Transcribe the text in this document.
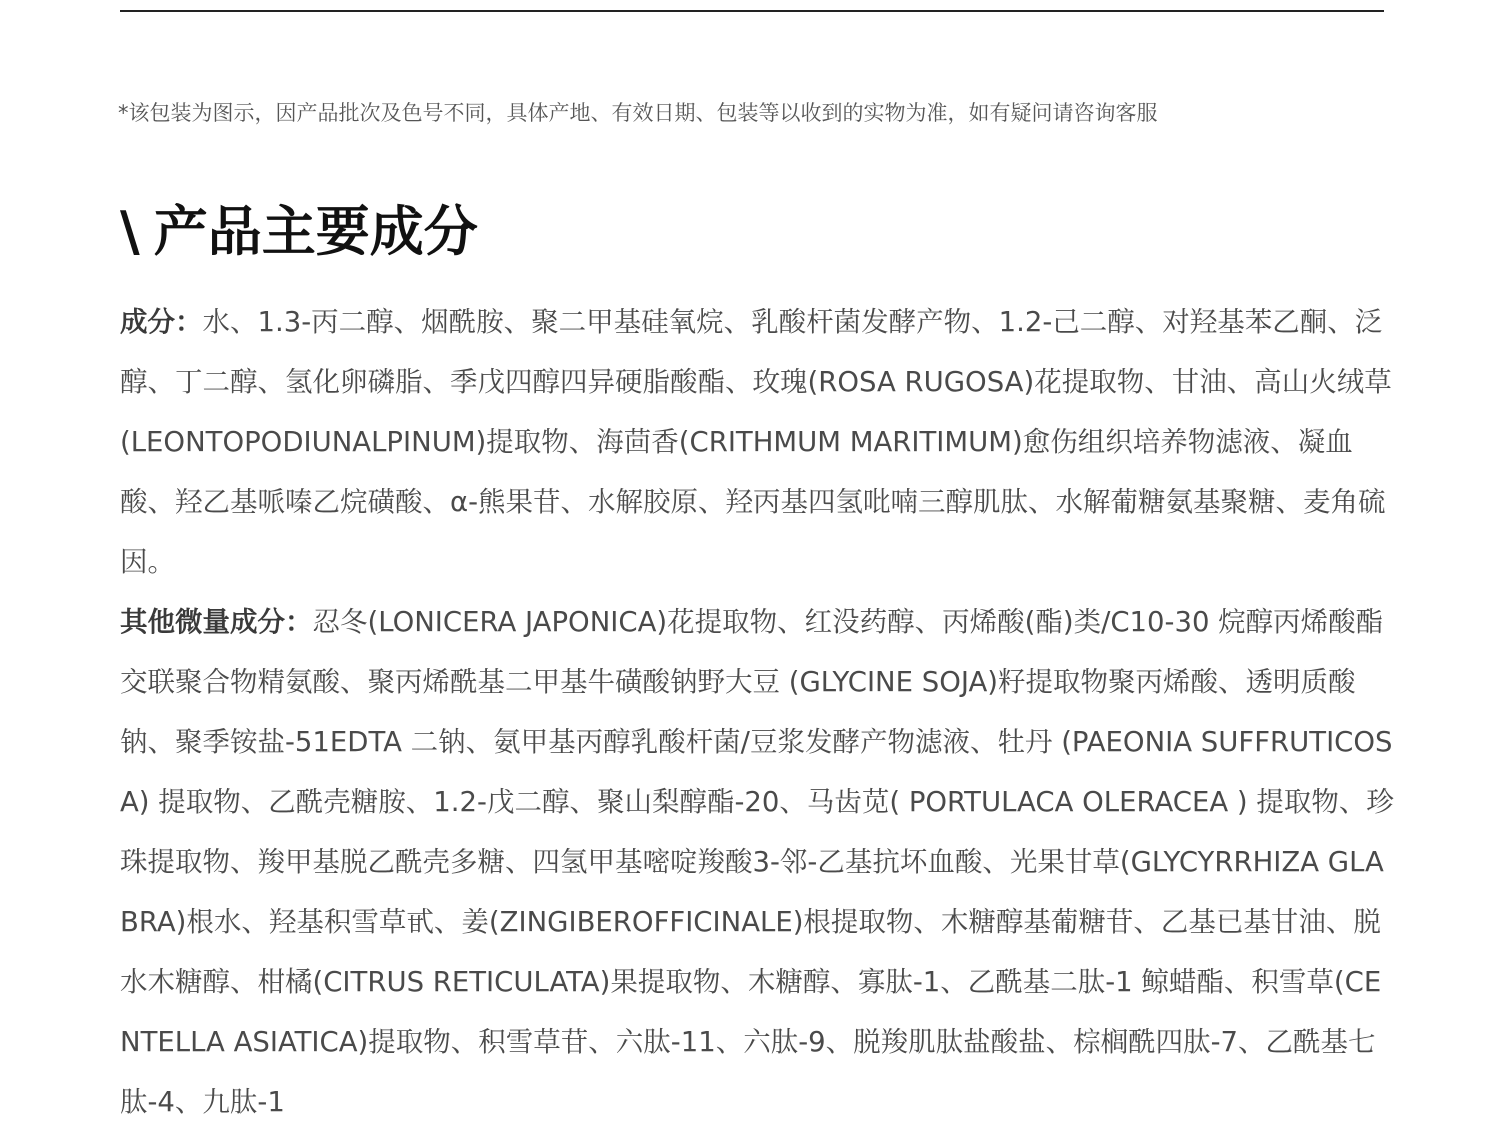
*该包装为图示，因产品批次及色号不同，具体产地、有效日期、包装等以收到的实物为准，如有疑问请咨询客服
\ 产品主要成分

成分：水、1.3-丙二醇、烟酰胺、聚二甲基硅氧烷、乳酸杆菌发酵产物、1.2-己二醇、对羟基苯乙酮、泛醇、丁二醇、氢化卵磷脂、季戊四醇四异硬脂酸酯、玫瑰(ROSA RUGOSA)花提取物、甘油、高山火绒草(LEONTOPODIUNALPINUM)提取物、海茴香(CRITHMUM MARITIMUM)愈伤组织培养物滤液、凝血酸、羟乙基哌嗪乙烷磺酸、α-熊果苷、水解胶原、羟丙基四氢吡喃三醇肌肽、水解葡糖氨基聚糖、麦角硫因。

其他微量成分：忍冬(LONICERA JAPONICA)花提取物、红没药醇、丙烯酸(酯)类/C10-30 烷醇丙烯酸酯交联聚合物精氨酸、聚丙烯酰基二甲基牛磺酸钠野大豆 (GLYCINE SOJA)籽提取物聚丙烯酸、透明质酸钠、聚季铵盐-51EDTA 二钠、氨甲基丙醇乳酸杆菌/豆浆发酵产物滤液、牡丹 (PAEONIA SUFFRUTICOSA) 提取物、乙酰壳糖胺、1.2-戊二醇、聚山梨醇酯-20、马齿苋( PORTULACA OLERACEA ) 提取物、珍珠提取物、羧甲基脱乙酰壳多糖、四氢甲基嘧啶羧酸3-邻-乙基抗坏血酸、光果甘草(GLYCYRRHIZA GLABRA)根水、羟基积雪草甙、姜(ZINGIBEROFFICINALE)根提取物、木糖醇基葡糖苷、乙基已基甘油、脱水木糖醇、柑橘(CITRUS RETICULATA)果提取物、木糖醇、寡肽-1、乙酰基二肽-1 鲸蜡酯、积雪草(CENTELLA ASIATICA)提取物、积雪草苷、六肽-11、六肽-9、脱羧肌肽盐酸盐、棕榈酰四肽-7、乙酰基七肽-4、九肽-1
